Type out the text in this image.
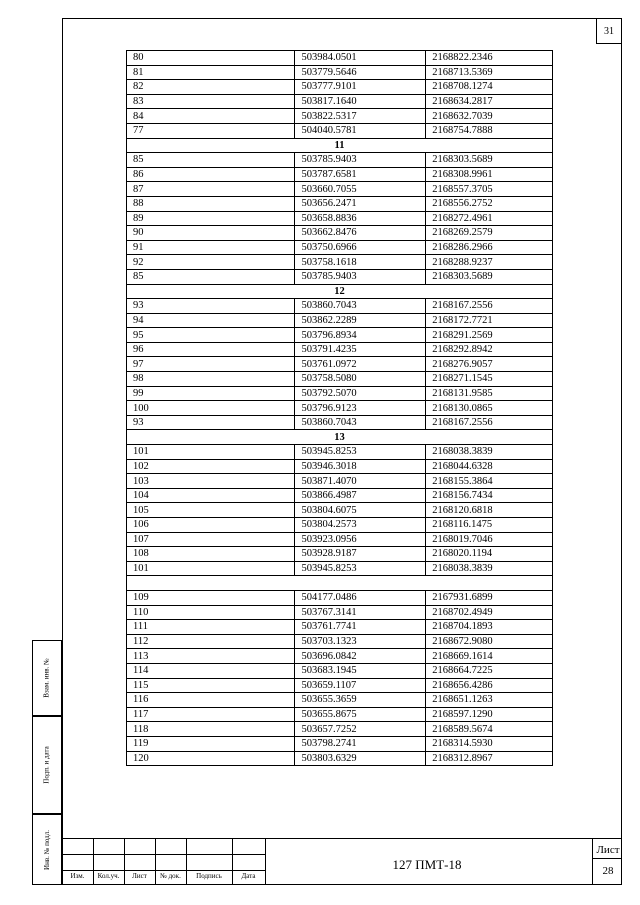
31
Взам. инв. №
Подп. и дата
Инв. № подл.
80	503984.0501	2168822.2346
81	503779.5646	2168713.5369
82	503777.9101	2168708.1274
83	503817.1640	2168634.2817
84	503822.5317	2168632.7039
77	504040.5781	2168754.7888
11		
85	503785.9403	2168303.5689
86	503787.6581	2168308.9961
87	503660.7055	2168557.3705
88	503656.2471	2168556.2752
89	503658.8836	2168272.4961
90	503662.8476	2168269.2579
91	503750.6966	2168286.2966
92	503758.1618	2168288.9237
85	503785.9403	2168303.5689
12		
93	503860.7043	2168167.2556
94	503862.2289	2168172.7721
95	503796.8934	2168291.2569
96	503791.4235	2168292.8942
97	503761.0972	2168276.9057
98	503758.5080	2168271.1545
99	503792.5070	2168131.9585
100	503796.9123	2168130.0865
93	503860.7043	2168167.2556
13		
101	503945.8253	2168038.3839
102	503946.3018	2168044.6328
103	503871.4070	2168155.3864
104	503866.4987	2168156.7434
105	503804.6075	2168120.6818
106	503804.2573	2168116.1475
107	503923.0956	2168019.7046
108	503928.9187	2168020.1194
101	503945.8253	2168038.3839

109	504177.0486	2167931.6899
110	503767.3141	2168702.4949
111	503761.7741	2168704.1893
112	503703.1323	2168672.9080
113	503696.0842	2168669.1614
114	503683.1945	2168664.7225
115	503659.1107	2168656.4286
116	503655.3659	2168651.1263
117	503655.8675	2168597.1290
118	503657.7252	2168589.5674
119	503798.2741	2168314.5930
120	503803.6329	2168312.8967
Изм.	Кол.уч.	Лист	№ док.	Подпись	Дата
127 ПМТ-18
Лист
28
